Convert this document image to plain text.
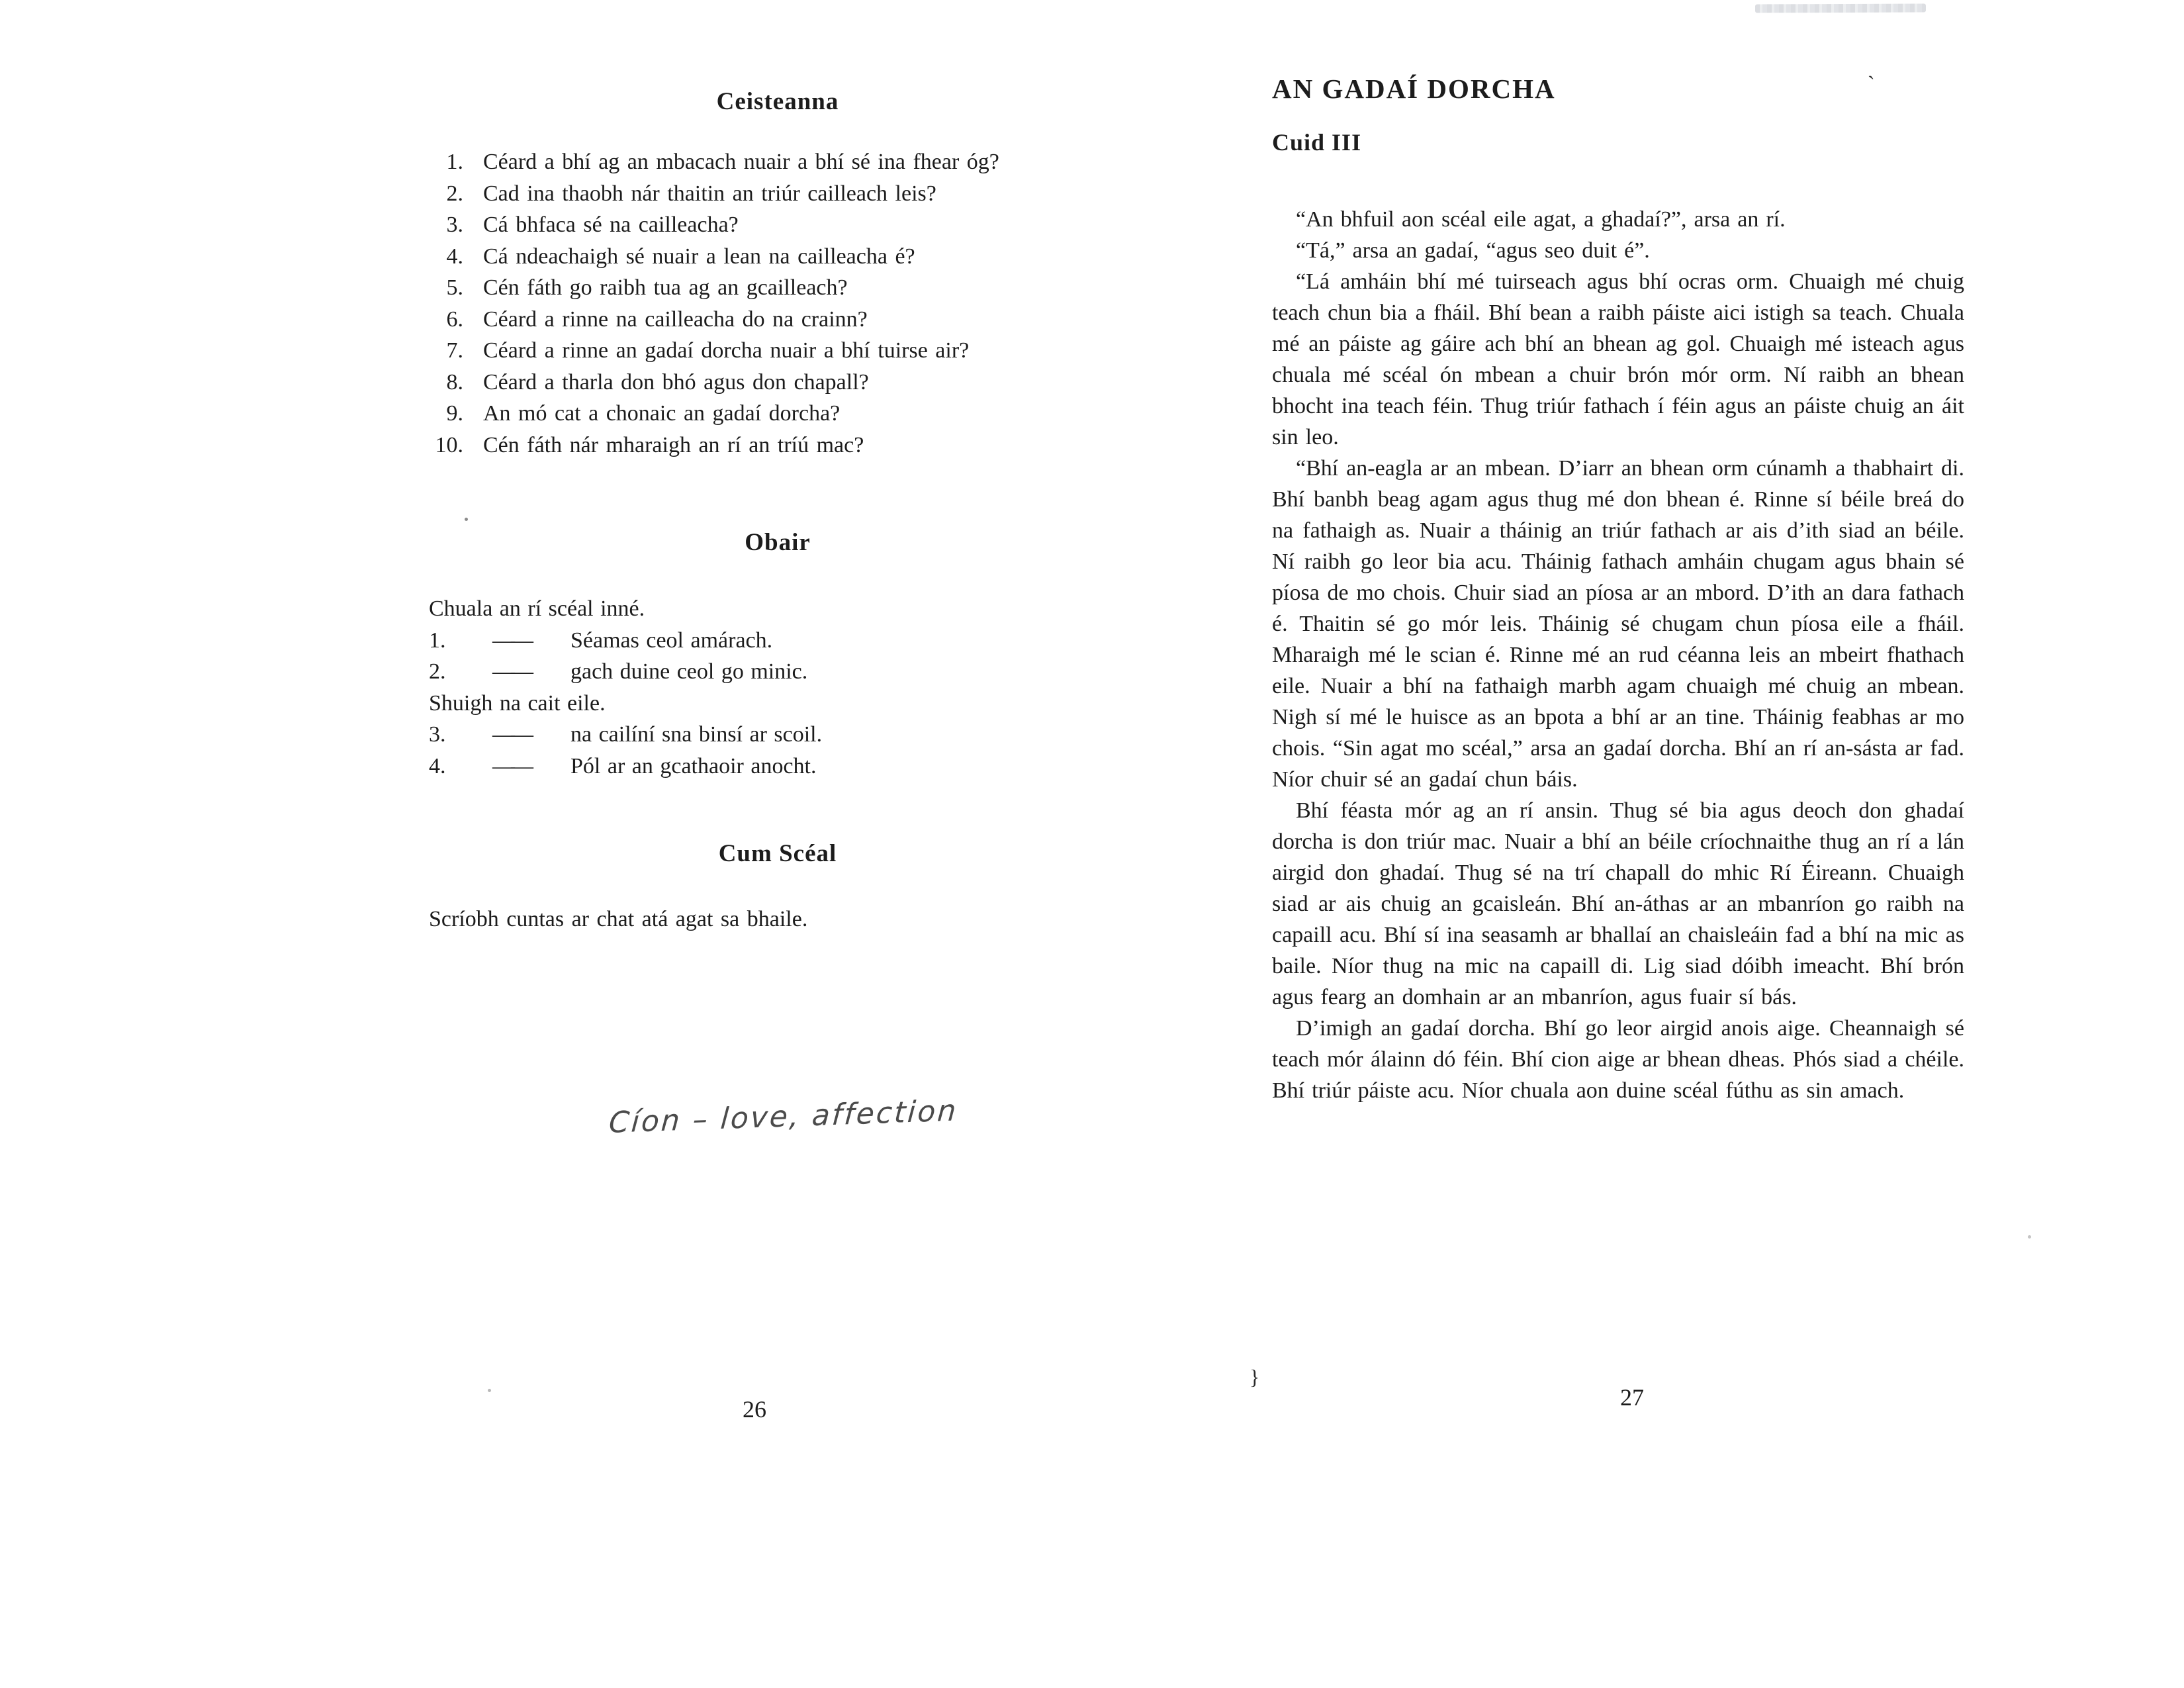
Ceisteanna
1. Céard a bhí ag an mbacach nuair a bhí sé ina fhear óg?
2. Cad ina thaobh nár thaitin an triúr cailleach leis?
3. Cá bhfaca sé na cailleacha?
4. Cá ndeachaigh sé nuair a lean na cailleacha é?
5. Cén fáth go raibh tua ag an gcailleach?
6. Céard a rinne na cailleacha do na crainn?
7. Céard a rinne an gadaí dorcha nuair a bhí tuirse air?
8. Céard a tharla don bhó agus don chapall?
9. An mó cat a chonaic an gadaí dorcha?
10. Cén fáth nár mharaigh an rí an tríú mac?
Obair
Chuala an rí scéal inné.
1. —— Séamas ceol amárach.
2. —— gach duine ceol go minic.
Shuigh na cait eile.
3. —— na cailíní sna binsí ar scoil.
4. —— Pól ar an gcathaoir anocht.
Cum Scéal
Scríobh cuntas ar chat atá agat sa bhaile.
Cíon – love, affection
26
AN GADAÍ DORCHA
Cuid III

“An bhfuil aon scéal eile agat, a ghadaí?”, arsa an rí.

“Tá,” arsa an gadaí, “agus seo duit é”.

“Lá amháin bhí mé tuirseach agus bhí ocras orm. Chuaigh mé chuig teach chun bia a fháil. Bhí bean a raibh páiste aici istigh sa teach. Chuala mé an páiste ag gáire ach bhí an bhean ag gol. Chuaigh mé isteach agus chuala mé scéal ón mbean a chuir brón mór orm. Ní raibh an bhean bhocht ina teach féin. Thug triúr fathach í féin agus an páiste chuig an áit sin leo.

“Bhí an-eagla ar an mbean. D’iarr an bhean orm cúnamh a thabhairt di. Bhí banbh beag agam agus thug mé don bhean é. Rinne sí béile breá do na fathaigh as. Nuair a tháinig an triúr fathach ar ais d’ith siad an béile. Ní raibh go leor bia acu. Tháinig fathach amháin chugam agus bhain sé píosa de mo chois. Chuir siad an píosa ar an mbord. D’ith an dara fathach é. Thaitin sé go mór leis. Tháinig sé chugam chun píosa eile a fháil. Mharaigh mé le scian é. Rinne mé an rud céanna leis an mbeirt fhathach eile. Nuair a bhí na fathaigh marbh agam chuaigh mé chuig an mbean. Nigh sí mé le huisce as an bpota a bhí ar an tine. Tháinig feabhas ar mo chois. “Sin agat mo scéal,” arsa an gadaí dorcha. Bhí an rí an-sásta ar fad. Níor chuir sé an gadaí chun báis.

Bhí féasta mór ag an rí ansin. Thug sé bia agus deoch don ghadaí dorcha is don triúr mac. Nuair a bhí an béile críochnaithe thug an rí a lán airgid don ghadaí. Thug sé na trí chapall do mhic Rí Éireann. Chuaigh siad ar ais chuig an gcaisleán. Bhí an-áthas ar an mbanríon go raibh na capaill acu. Bhí sí ina seasamh ar bhallaí an chaisleáin fad a bhí na mic as baile. Níor thug na mic na capaill di. Lig siad dóibh imeacht. Bhí brón agus fearg an domhain ar an mbanríon, agus fuair sí bás.

D’imigh an gadaí dorcha. Bhí go leor airgid anois aige. Cheannaigh sé teach mór álainn dó féin. Bhí cion aige ar bhean dheas. Phós siad a chéile. Bhí triúr páiste acu. Níor chuala aon duine scéal fúthu as sin amach.

27
`
}
